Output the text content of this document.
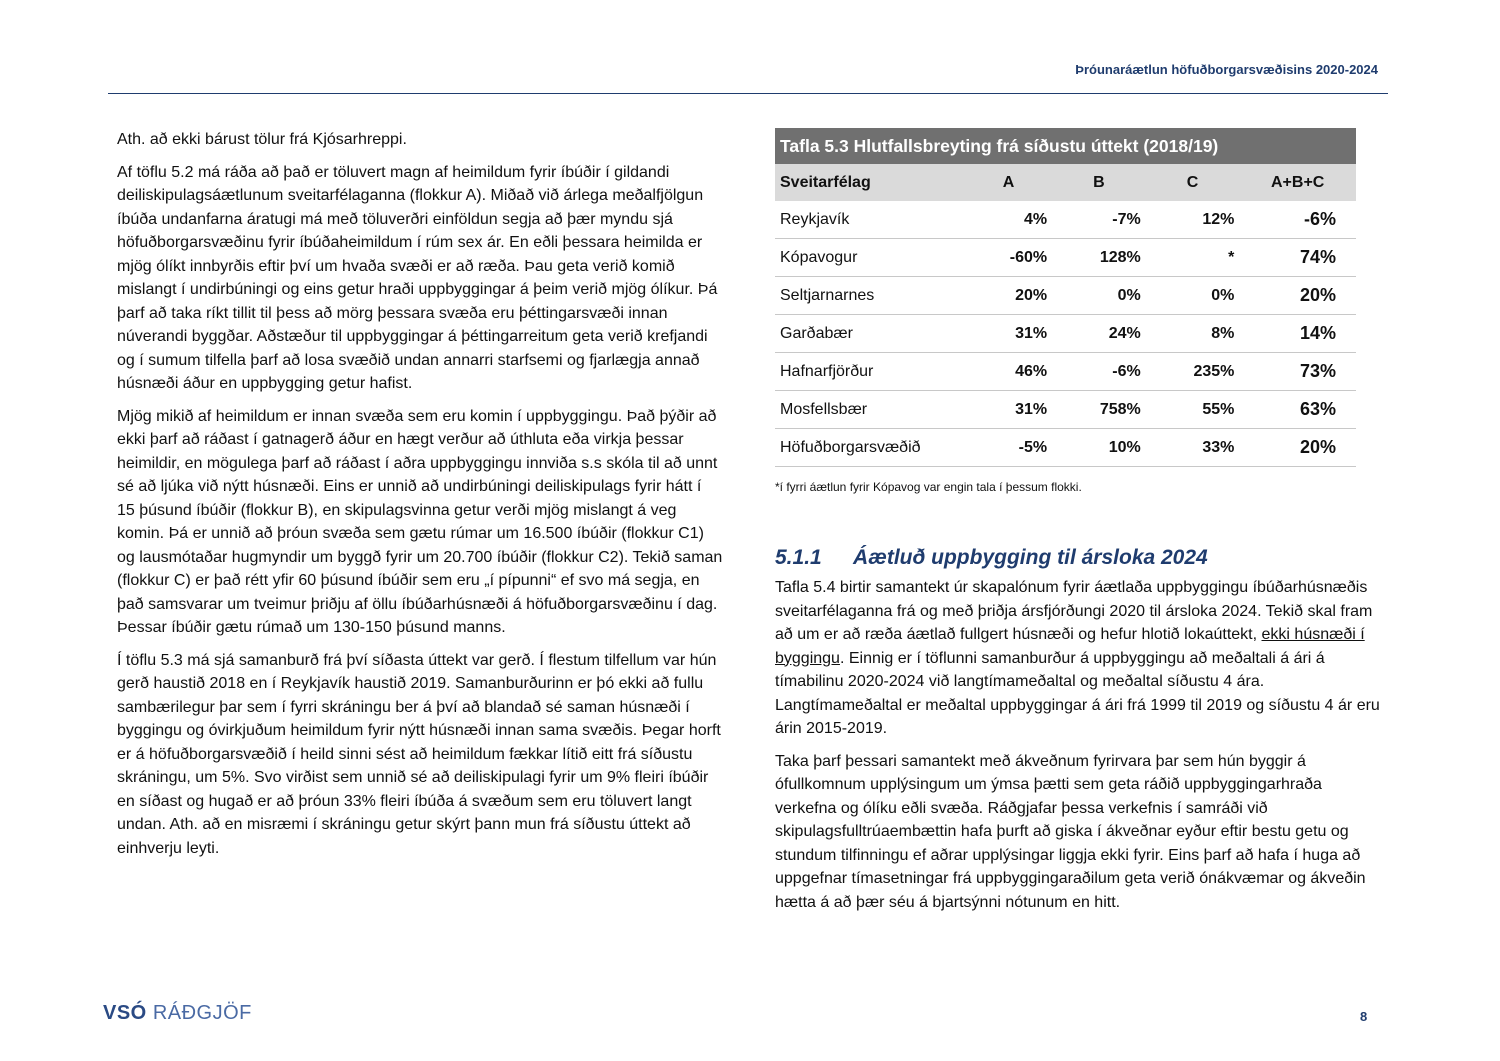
Þróunaráætlun höfuðborgarsvæðisins 2020-2024

Ath. að ekki bárust tölur frá Kjósarhreppi.

Af töflu 5.2 má ráða að það er töluvert magn af heimildum fyrir íbúðir í gildandi deiliskipulagsáætlunum sveitarfélaganna (flokkur A). Miðað við árlega meðalfjölgun íbúða undanfarna áratugi má með töluverðri einföldun segja að þær myndu sjá höfuðborgarsvæðinu fyrir íbúðaheimildum í rúm sex ár. En eðli þessara heimilda er mjög ólíkt innbyrðis eftir því um hvaða svæði er að ræða. Þau geta verið komið mislangt í undirbúningi og eins getur hraði uppbyggingar á þeim verið mjög ólíkur. Þá þarf að taka ríkt tillit til þess að mörg þessara svæða eru þéttingarsvæði innan núverandi byggðar. Aðstæður til uppbyggingar á þéttingarreitum geta verið krefjandi og í sumum tilfella þarf að losa svæðið undan annarri starfsemi og fjarlægja annað húsnæði áður en uppbygging getur hafist.

Mjög mikið af heimildum er innan svæða sem eru komin í uppbyggingu. Það þýðir að ekki þarf að ráðast í gatnagerð áður en hægt verður að úthluta eða virkja þessar heimildir, en mögulega þarf að ráðast í aðra uppbyggingu innviða s.s skóla til að unnt sé að ljúka við nýtt húsnæði. Eins er unnið að undirbúningi deiliskipulags fyrir hátt í 15 þúsund íbúðir (flokkur B), en skipulagsvinna getur verði mjög mislangt á veg komin. Þá er unnið að þróun svæða sem gætu rúmar um 16.500 íbúðir (flokkur C1) og lausmótaðar hugmyndir um byggð fyrir um 20.700 íbúðir (flokkur C2). Tekið saman (flokkur C) er það rétt yfir 60 þúsund íbúðir sem eru „í pípunni“ ef svo má segja, en það samsvarar um tveimur þriðju af öllu íbúðarhúsnæði á höfuðborgarsvæðinu í dag. Þessar íbúðir gætu rúmað um 130-150 þúsund manns.

Í töflu 5.3 má sjá samanburð frá því síðasta úttekt var gerð. Í flestum tilfellum var hún gerð haustið 2018 en í Reykjavík haustið 2019. Samanburðurinn er þó ekki að fullu sambærilegur þar sem í fyrri skráningu ber á því að blandað sé saman húsnæði í byggingu og óvirkjuðum heimildum fyrir nýtt húsnæði innan sama svæðis. Þegar horft er á höfuðborgarsvæðið í heild sinni sést að heimildum fækkar lítið eitt frá síðustu skráningu, um 5%. Svo virðist sem unnið sé að deiliskipulagi fyrir um 9% fleiri íbúðir en síðast og hugað er að þróun 33% fleiri íbúða á svæðum sem eru töluvert langt undan. Ath. að en misræmi í skráningu getur skýrt þann mun frá síðustu úttekt að einhverju leyti.

Tafla 5.3 Hlutfallsbreyting frá síðustu úttekt (2018/19)				
Sveitarfélag	A	B	C	A+B+C
Reykjavík	4%	-7%	12%	-6%
Kópavogur	-60%	128%	*	74%
Seltjarnarnes	20%	0%	0%	20%
Garðabær	31%	24%	8%	14%
Hafnarfjörður	46%	-6%	235%	73%
Mosfellsbær	31%	758%	55%	63%
Höfuðborgarsvæðið	-5%	10%	33%	20%
*í fyrri áætlun fyrir Kópavog var engin tala í þessum flokki.
5.1.1 Áætluð uppbygging til ársloka 2024

Tafla 5.4 birtir samantekt úr skapalónum fyrir áætlaða uppbyggingu íbúðarhúsnæðis sveitarfélaganna frá og með þriðja ársfjórðungi 2020 til ársloka 2024. Tekið skal fram að um er að ræða áætlað fullgert húsnæði og hefur hlotið lokaúttekt, ekki húsnæði í byggingu. Einnig er í töflunni samanburður á uppbyggingu að meðaltali á ári á tímabilinu 2020-2024 við langtímameðaltal og meðaltal síðustu 4 ára. Langtímameðaltal er meðaltal uppbyggingar á ári frá 1999 til 2019 og síðustu 4 ár eru árin 2015-2019.

Taka þarf þessari samantekt með ákveðnum fyrirvara þar sem hún byggir á ófullkomnum upplýsingum um ýmsa þætti sem geta ráðið uppbyggingarhraða verkefna og ólíku eðli svæða. Ráðgjafar þessa verkefnis í samráði við skipulagsfulltrúaembættin hafa þurft að giska í ákveðnar eyður eftir bestu getu og stundum tilfinningu ef aðrar upplýsingar liggja ekki fyrir. Eins þarf að hafa í huga að uppgefnar tímasetningar frá uppbyggingaraðilum geta verið ónákvæmar og ákveðin hætta á að þær séu á bjartsýnni nótunum en hitt.

VSÓ RÁÐGJÖF	8
